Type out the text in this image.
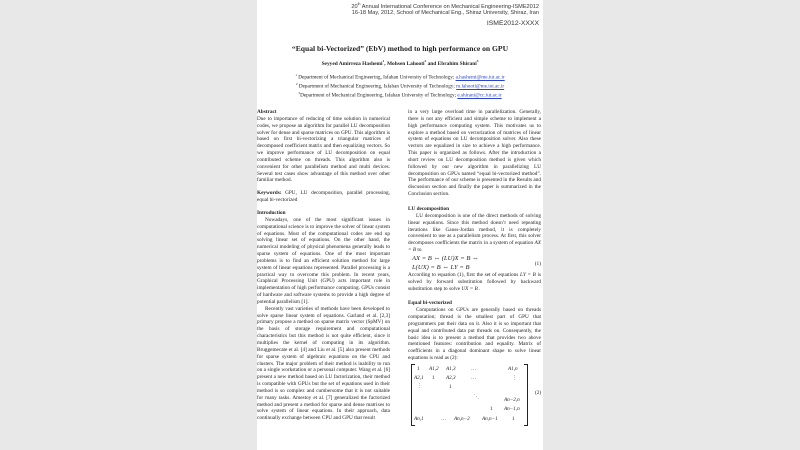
20th Annual International Conference on Mechanical Engineering-ISME2012
16-18 May, 2012, School of Mechanical Eng., Shiraz University, Shiraz, Iran
ISME2012-XXXX
“Equal bi-Vectorized” (EbV) method to high performance on GPU
Seyyed Amirreza Hashemi$^1$, Mohsen Lahooti$^2$ and Ebrahim Shirani$^3$
$^1$ Department of Mechanical Engineering, Isfahan University of Technology; a.hashemi@me.iut.ac.ir
$^2$ Department of Mechanical Engineering, Isfahan University of Technology; m.lahooti@me.iut.ac.ir
$^3$Department of Mechanical Engineering, Isfahan University of Technology; e.shirani@cc.iut.ac.ir

Abstract

Due to importance of reducing of time solution in numerical codes, we propose an algorithm for parallel LU decomposition solver for dense and sparse matrices on GPU. This algorithm is based on first bi-vectorizing a triangular matrices of decomposed coefficient matrix and then equalizing vectors. So we improve performance of LU decomposition on equal contributed scheme on threads. This algorithm also is convenient for other parallelism method and multi devices. Several test cases show advantage of this method over other familiar method.

Keywords: GPU, LU decomposition, parallel processing, equal bi-vectorized

Introduction

Nowadays, one of the most significant issues in computational science is to improve the solver of linear system of equations. Most of the computational codes are end up solving linear set of equations. On the other hand, the numerical modeling of physical phenomena generally leads to sparse system of equations. One of the most important problems is to find an efficient solution method for large system of linear equations represented. Parallel processing is a practical way to overcome this problem. In recent years, Graphical Processing Unit (GPU) acts important role in implementation of high performance computing. GPUs consist of hardware and software systems to provide a high degree of potential parallelism [1].

Recently vast varieties of methods have been developed to solve sparse linear system of equations. Garland et al. [2,3] primary propose a method on sparse matrix vector (SpMV) on the basis of storage requirement and computational characteristics but this method is not quite efficient, since it multiplies the kernel of computing in its algorithm. Bruggemecate et al. [4] and Liu et al. [5] also present methods for sparse system of algebraic equations on the CPU and clusters. The major problem of their method is inability to run on a single workstation or a personal computer. Wang et al. [6] present a new method based on LU factorization, their method is compatible with GPUs but the set of equations used in their method is so complex and cumbersome that it is not suitable for many tasks. Amestoy et al. [7] generalized the factorized method and present a method for sparse and dense matrixes to solve system of linear equations. In their approach, data continually exchange between CPU and GPU that result

in a very large overload time in parallelization. Generally, there is not any efficient and simple scheme to implement a high performance computing system. This motivates us to explore a method based on vectorization of matrices of linear system of equations on LU decomposition solver. Also these vectors are equalized in size to achieve a high performance. This paper is organized as follows. After the introduction a short review on LU decomposition method is given which followed by our new algorithm in parallelizing LU decomposition on GPUs named “equal bi-vectorized method”. The performance of our scheme is presented in the Results and discussion section and finally the paper is summarized in the Conclusion section.

LU decomposition

LU decomposition is one of the direct methods of solving linear equations. Since this method doesn’t need repeating iterations like Gauss-Jordan method, it is completely convenient to use as a parallelism process. At first, this solver decomposes coefficients the matrix in a system of equation AX = B to

AX = B ⇔ (LU)X = B ⇔
L(UX) = B ⇔ LY = B	(1)

According to equation (1), first the set of equations LY = B is solved by forward substitution followed by backward substitution step to solve UX = B .

Equal bi-vectorized

Computations on GPUs are generally based on threads computation; thread is the smallest part of GPU that programmers put their data on it. Also it is so important that equal and contributed data put threads on. Consequently, the basic idea is to present a method that provides two above mentioned features: contribution and equality. Matrix of coefficients in a diagonal dominant shape to solve linear equations is read as (2):

1 A1,2 A1,3	…	A1,n
A2,1 1 A2,3	…	⋮
⋮	1
⋱	An−2,n
1 An−1,n
An,1	… An,n−2 An,n−1	1
(2)
